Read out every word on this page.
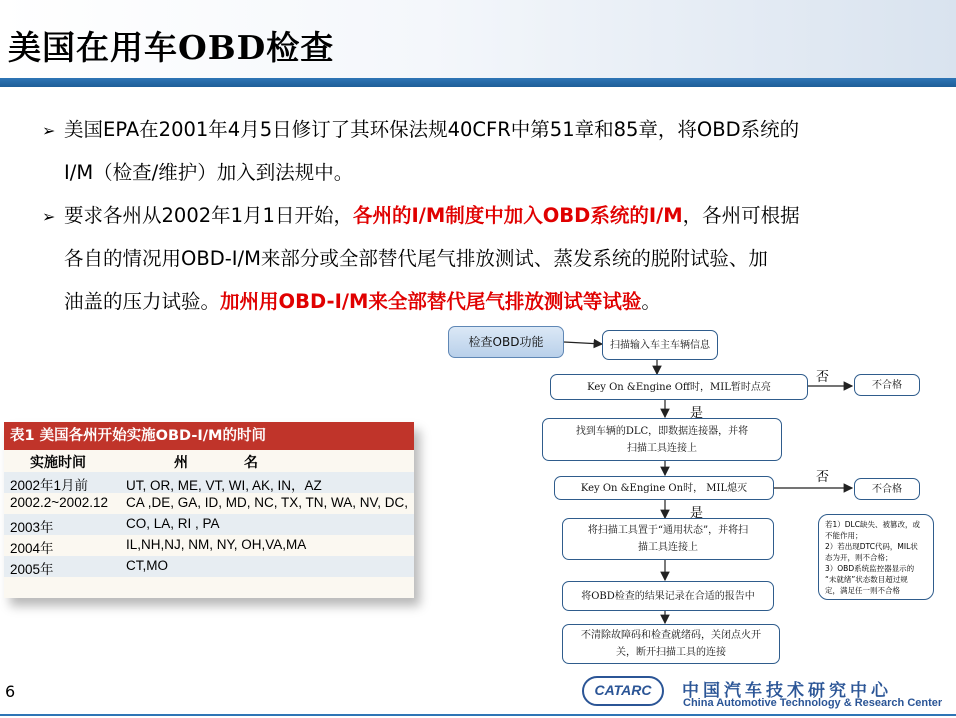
美国在用车OBD检查
➢ 美国EPA在2001年4月5日修订了其环保法规40CFR中第51章和85章，将OBD系统的
I/M（检查/维护）加入到法规中。
➢ 要求各州从2002年1月1日开始，各州的I/M制度中加入OBD系统的I/M，各州可根据
各自的情况用OBD-I/M来部分或全部替代尾气排放测试、蒸发系统的脱附试验、加
油盖的压力试验。加州用OBD-I/M来全部替代尾气排放测试等试验。
表1 美国各州开始实施OBD-I/M的时间
实施时间	州	名
2002年1月前	UT, OR, ME, VT, WI, AK, IN，AZ
2002.2~2002.12 CA ,DE, GA, ID, MD, NC, TX, TN, WA, NV, DC,
2003年	CO, LA, RI , PA
2004年	IL,NH,NJ, NM, NY, OH,VA,MA
2005年	CT,MO
检查OBD功能	扫描输入车主车辆信息
Key On &Engine Off时，MIL暂时点亮
找到车辆的DLC，即数据连接器，并将
扫描工具连接上
Key On &Engine On时， MIL熄灭
将扫描工具置于“通用状态”，并将扫
描工具连接上
将OBD检查的结果记录在合适的报告中
不清除故障码和检查就绪码，关闭点火开
关，断开扫描工具的连接
不合格
不合格
否
否
是
是
若1）DLC缺失、被篡改，或
不能作用；
2）若出现DTC代码，MIL状
态为开，则不合格；
3）OBD系统监控器显示的
“未就绪”状态数目超过规
定，满足任一则不合格
6	CATARC	中国汽车技术研究中心
China Automotive Technology & Research Center
